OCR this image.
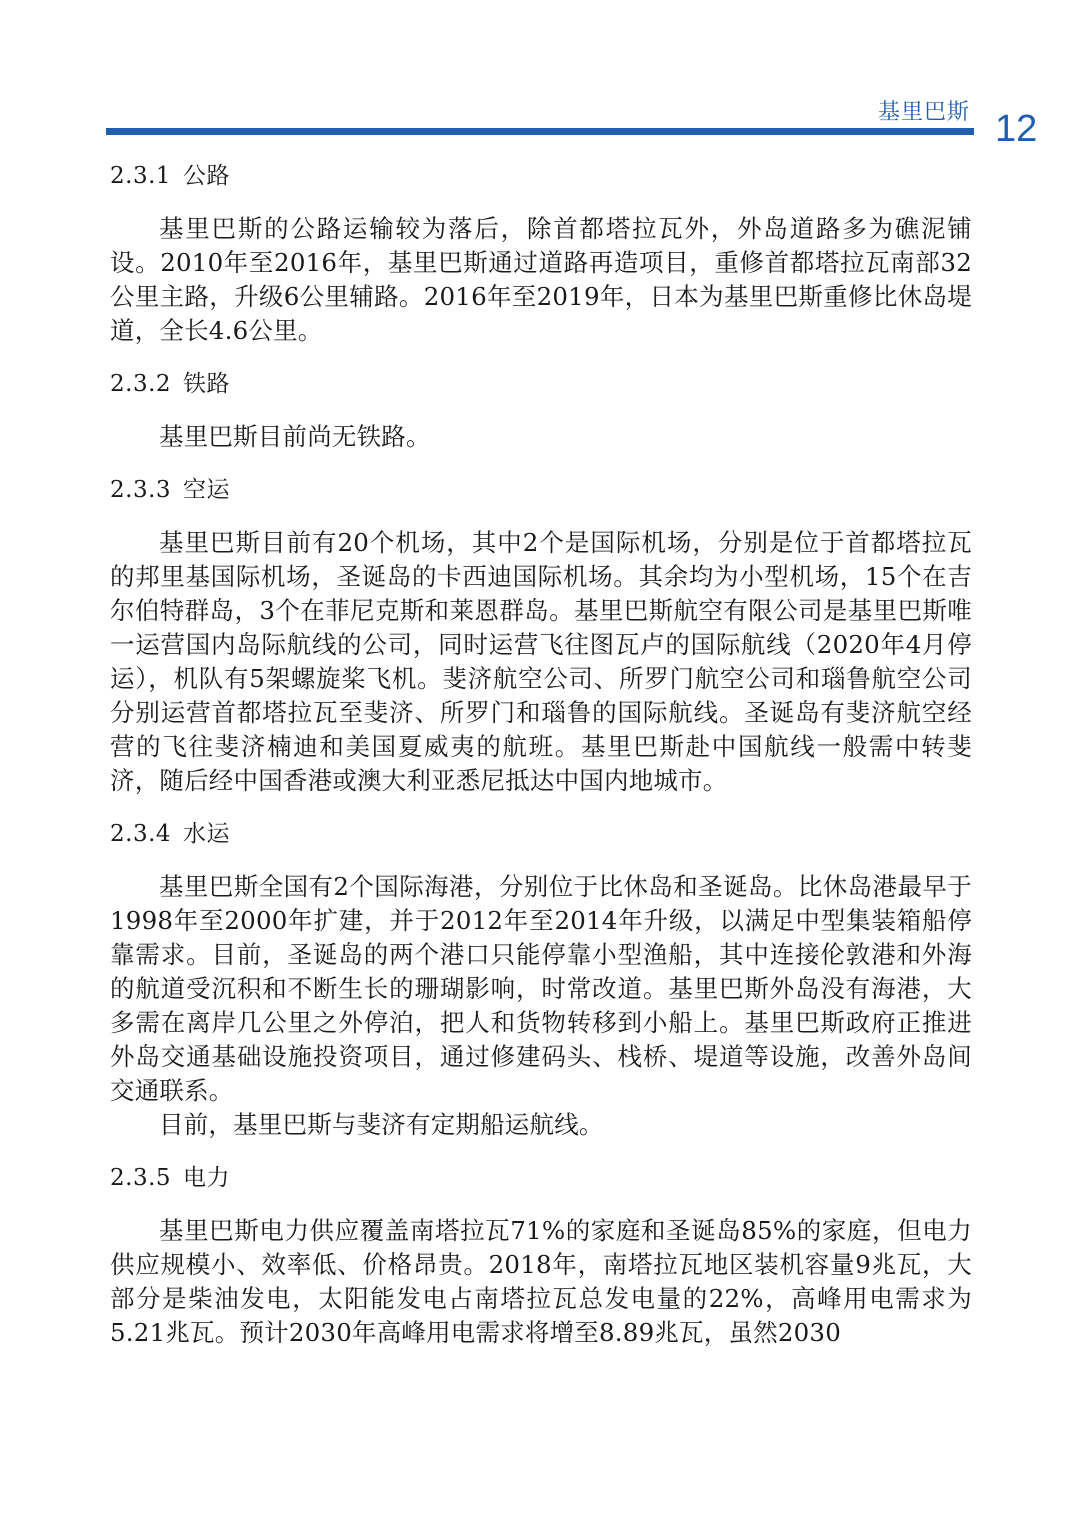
基里巴斯 12
2.3.1 公路

基里巴斯的公路运输较为落后，除首都塔拉瓦外，外岛道路多为礁泥铺设。2010年至2016年，基里巴斯通过道路再造项目，重修首都塔拉瓦南部32公里主路，升级6公里辅路。2016年至2019年，日本为基里巴斯重修比休岛堤道，全长4.6公里。

2.3.2 铁路

基里巴斯目前尚无铁路。

2.3.3 空运

基里巴斯目前有20个机场，其中2个是国际机场，分别是位于首都塔拉瓦的邦里基国际机场，圣诞岛的卡西迪国际机场。其余均为小型机场，15个在吉尔伯特群岛，3个在菲尼克斯和莱恩群岛。基里巴斯航空有限公司是基里巴斯唯一运营国内岛际航线的公司，同时运营飞往图瓦卢的国际航线（2020年4月停运），机队有5架螺旋桨飞机。斐济航空公司、所罗门航空公司和瑙鲁航空公司分别运营首都塔拉瓦至斐济、所罗门和瑙鲁的国际航线。圣诞岛有斐济航空经营的飞往斐济楠迪和美国夏威夷的航班。基里巴斯赴中国航线一般需中转斐济，随后经中国香港或澳大利亚悉尼抵达中国内地城市。

2.3.4 水运

基里巴斯全国有2个国际海港，分别位于比休岛和圣诞岛。比休岛港最早于1998年至2000年扩建，并于2012年至2014年升级，以满足中型集装箱船停靠需求。目前，圣诞岛的两个港口只能停靠小型渔船，其中连接伦敦港和外海的航道受沉积和不断生长的珊瑚影响，时常改道。基里巴斯外岛没有海港，大多需在离岸几公里之外停泊，把人和货物转移到小船上。基里巴斯政府正推进外岛交通基础设施投资项目，通过修建码头、栈桥、堤道等设施，改善外岛间交通联系。

目前，基里巴斯与斐济有定期船运航线。

2.3.5 电力

基里巴斯电力供应覆盖南塔拉瓦71%的家庭和圣诞岛85%的家庭，但电力供应规模小、效率低、价格昂贵。2018年，南塔拉瓦地区装机容量9兆瓦，大部分是柴油发电，太阳能发电占南塔拉瓦总发电量的22%，高峰用电需求为5.21兆瓦。预计2030年高峰用电需求将增至8.89兆瓦，虽然2030
